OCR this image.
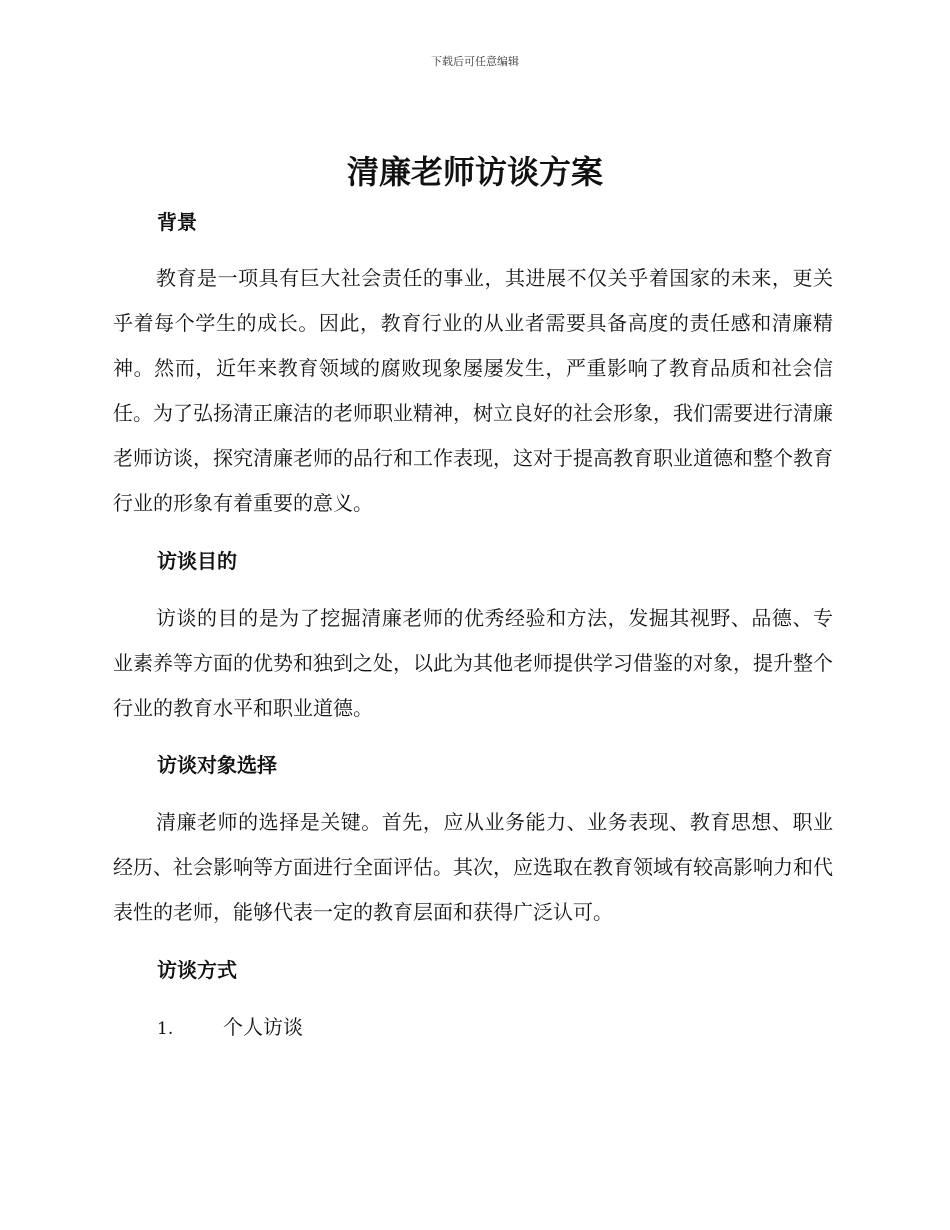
下载后可任意编辑
清廉老师访谈方案
背景

教育是一项具有巨大社会责任的事业，其进展不仅关乎着国家的未来，更关乎着每个学生的成长。因此，教育行业的从业者需要具备高度的责任感和清廉精神。然而，近年来教育领域的腐败现象屡屡发生，严重影响了教育品质和社会信任。为了弘扬清正廉洁的老师职业精神，树立良好的社会形象，我们需要进行清廉老师访谈，探究清廉老师的品行和工作表现，这对于提高教育职业道德和整个教育行业的形象有着重要的意义。

访谈目的

访谈的目的是为了挖掘清廉老师的优秀经验和方法，发掘其视野、品德、专业素养等方面的优势和独到之处，以此为其他老师提供学习借鉴的对象，提升整个行业的教育水平和职业道德。

访谈对象选择

清廉老师的选择是关键。首先，应从业务能力、业务表现、教育思想、职业经历、社会影响等方面进行全面评估。其次，应选取在教育领域有较高影响力和代表性的老师，能够代表一定的教育层面和获得广泛认可。

访谈方式
1. 个人访谈
